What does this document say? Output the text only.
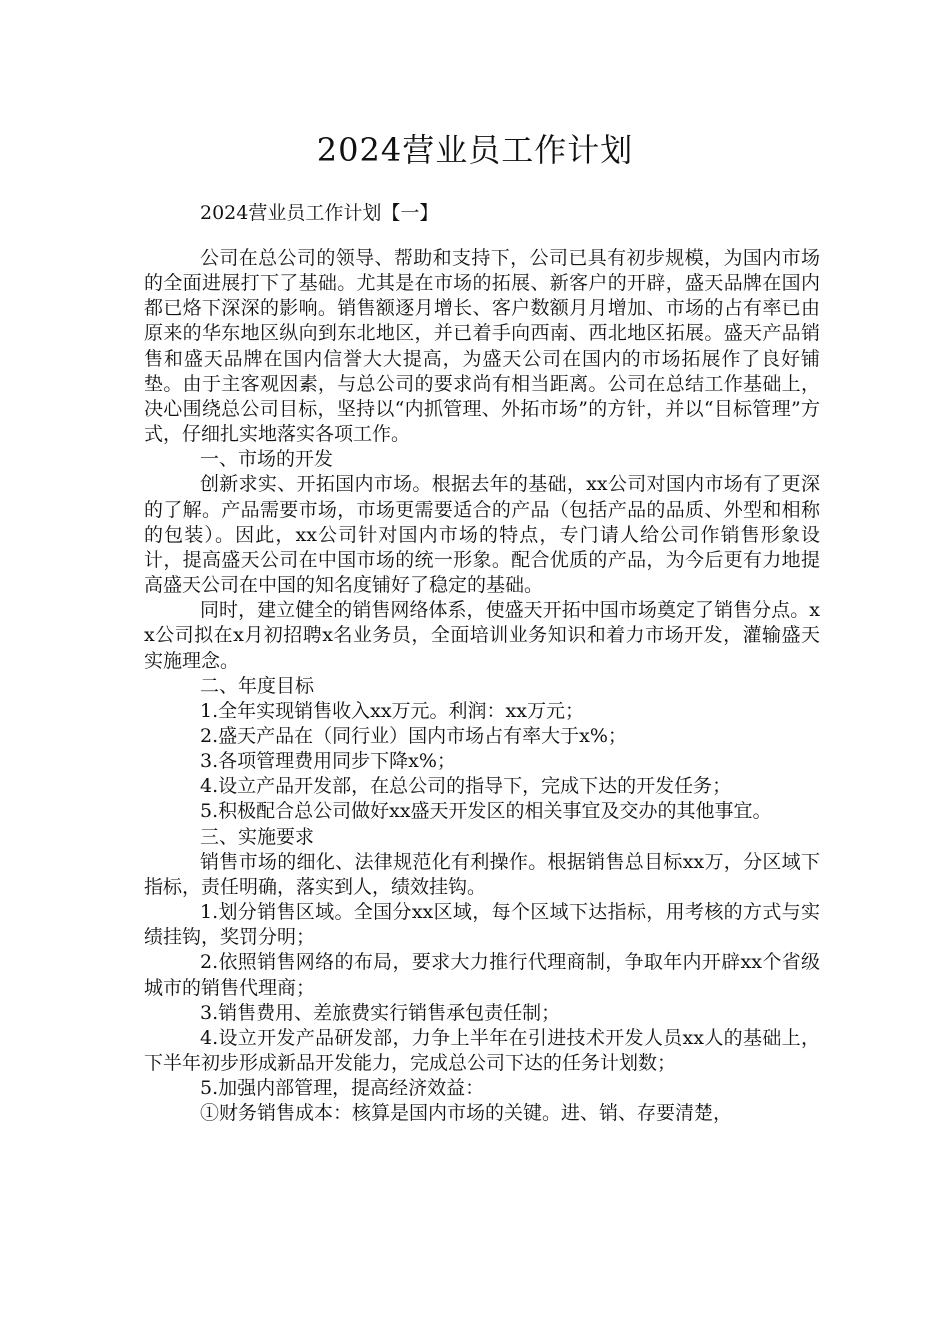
2024营业员工作计划
2024营业员工作计划【一】

公司在总公司的领导、帮助和支持下，公司已具有初步规模，为国内市场的全面进展打下了基础。尤其是在市场的拓展、新客户的开辟，盛天品牌在国内都已烙下深深的影响。销售额逐月增长、客户数额月月增加、市场的占有率已由原来的华东地区纵向到东北地区，并已着手向西南、西北地区拓展。盛天产品销售和盛天品牌在国内信誉大大提高，为盛天公司在国内的市场拓展作了良好铺垫。由于主客观因素，与总公司的要求尚有相当距离。公司在总结工作基础上，决心围绕总公司目标，坚持以“内抓管理、外拓市场”的方针，并以“目标管理”方式，仔细扎实地落实各项工作。

一、市场的开发

创新求实、开拓国内市场。根据去年的基础，xx公司对国内市场有了更深的了解。产品需要市场，市场更需要适合的产品（包括产品的品质、外型和相称的包装）。因此，xx公司针对国内市场的特点，专门请人给公司作销售形象设计，提高盛天公司在中国市场的统一形象。配合优质的产品，为今后更有力地提高盛天公司在中国的知名度铺好了稳定的基础。

同时，建立健全的销售网络体系，使盛天开拓中国市场奠定了销售分点。xx公司拟在x月初招聘x名业务员，全面培训业务知识和着力市场开发，灌输盛天实施理念。

二、年度目标

1.全年实现销售收入xx万元。利润：xx万元；

2.盛天产品在（同行业）国内市场占有率大于x%；

3.各项管理费用同步下降x%；

4.设立产品开发部，在总公司的指导下，完成下达的开发任务；

5.积极配合总公司做好xx盛天开发区的相关事宜及交办的其他事宜。

三、实施要求

销售市场的细化、法律规范化有利操作。根据销售总目标xx万，分区域下指标，责任明确，落实到人，绩效挂钩。

1.划分销售区域。全国分xx区域，每个区域下达指标，用考核的方式与实绩挂钩，奖罚分明；

2.依照销售网络的布局，要求大力推行代理商制，争取年内开辟xx个省级城市的销售代理商；

3.销售费用、差旅费实行销售承包责任制；

4.设立开发产品研发部，力争上半年在引进技术开发人员xx人的基础上，下半年初步形成新品开发能力，完成总公司下达的任务计划数；

5.加强内部管理，提高经济效益：

①财务销售成本：核算是国内市场的关键。进、销、存要清楚，
